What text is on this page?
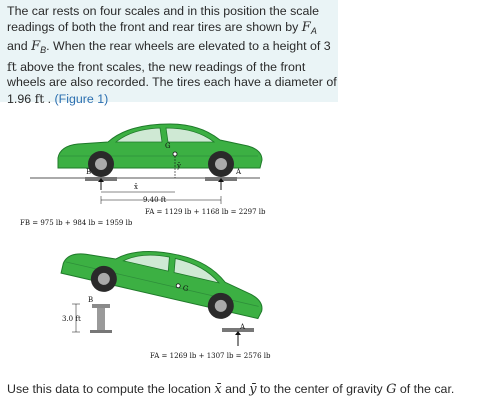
The car rests on four scales and in this position the scale readings of both the front and rear tires are shown by $F_A$ and $F_B$. When the rear wheels are elevated to a height of 3 ft above the front scales, the new readings of the front wheels are also recorded. The tires each have a diameter of 1.96 ft . (Figure 1)
G
ȳ
B	A
x̄
9.40 ft
FA = 1129 lb + 1168 lb = 2297 lb
FB = 975 lb + 984 lb = 1959 lb
G
B
A
3.0 ft
FA = 1269 lb + 1307 lb = 2576 lb
Use this data to compute the location x̄ and ȳ to the center of gravity G of the car.
